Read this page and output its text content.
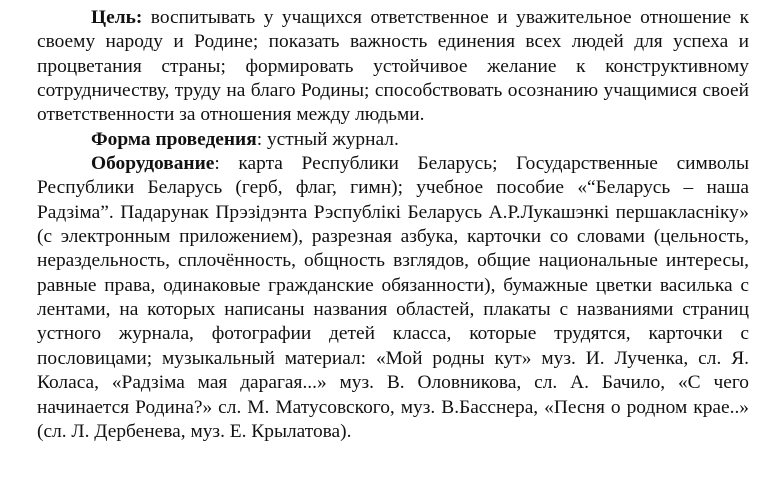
Цель: воспитывать у учащихся ответственное и уважительное отношение к своему народу и Родине; показать важность единения всех людей для успеха и процветания страны; формировать устойчивое желание к конструктивному сотрудничеству, труду на благо Родины; способствовать осознанию учащимися своей ответственности за отношения между людьми.

Форма проведения: устный журнал.

Оборудование: карта Республики Беларусь; Государственные символы Республики Беларусь (герб, флаг, гимн); учебное пособие «“Беларусь – наша Радзіма”. Падарунак Прэзідэнта Рэспублікі Беларусь А.Р.Лукашэнкі першакласніку» (с электронным приложением), разрезная азбука, карточки со словами (цельность, нераздельность, сплочённость, общность взглядов, общие национальные интересы, равные права, одинаковые гражданские обязанности), бумажные цветки василька с лентами, на которых написаны названия областей, плакаты с названиями страниц устного журнала, фотографии детей класса, которые трудятся, карточки с пословицами; музыкальный материал: «Мой родны кут» муз. И. Лученка, сл. Я. Коласа, «Радзіма мая дарагая...» муз. В. Оловникова, сл. А. Бачило, «С чего начинается Родина?» сл. М. Матусовского, муз. В.Басснера, «Песня о родном крае..» (сл. Л. Дербенева, муз. Е. Крылатова).
